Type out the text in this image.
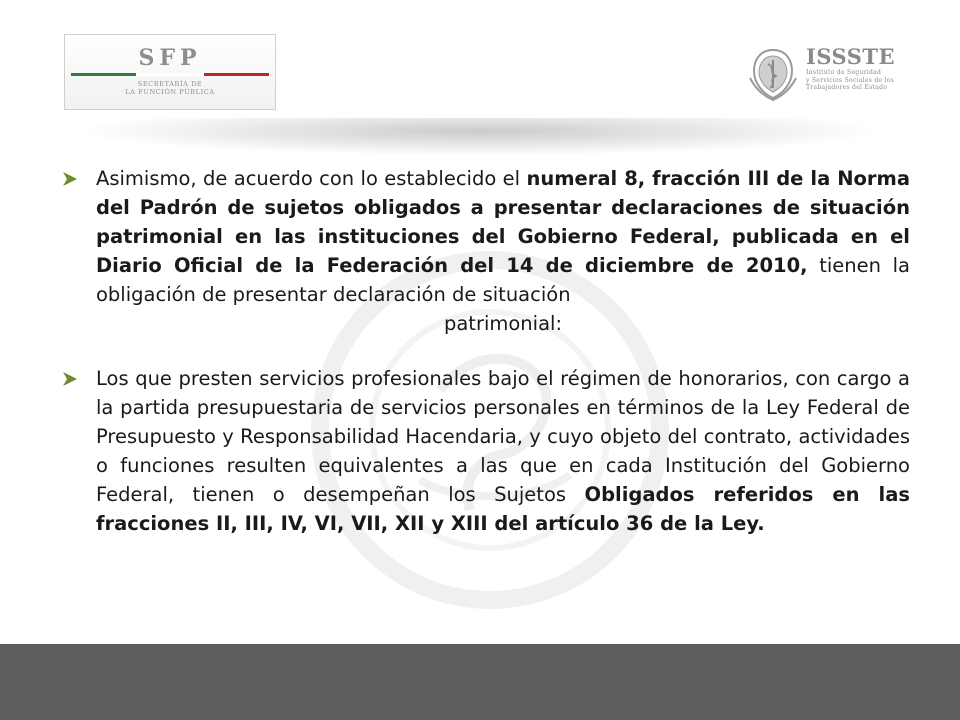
SFP
SECRETARÍA DE
LA FUNCIÓN PÚBLICA
ISSSTE
Instituto de Seguridad
y Servicios Sociales de los
Trabajadores del Estado
Asimismo, de acuerdo con lo establecido el numeral 8, fracción III de la Norma del Padrón de sujetos obligados a presentar declaraciones de situación patrimonial en las instituciones del Gobierno Federal, publicada en el Diario Oficial de la Federación del 14 de diciembre de 2010, tienen la obligación de presentar declaración de situación
patrimonial:
Los que presten servicios profesionales bajo el régimen de honorarios, con cargo a la partida presupuestaria de servicios personales en términos de la Ley Federal de Presupuesto y Responsabilidad Hacendaria, y cuyo objeto del contrato, actividades o funciones resulten equivalentes a las que en cada Institución del Gobierno Federal, tienen o desempeñan los Sujetos Obligados referidos en las fracciones II, III, IV, VI, VII, XII y XIII del artículo 36 de la Ley.
